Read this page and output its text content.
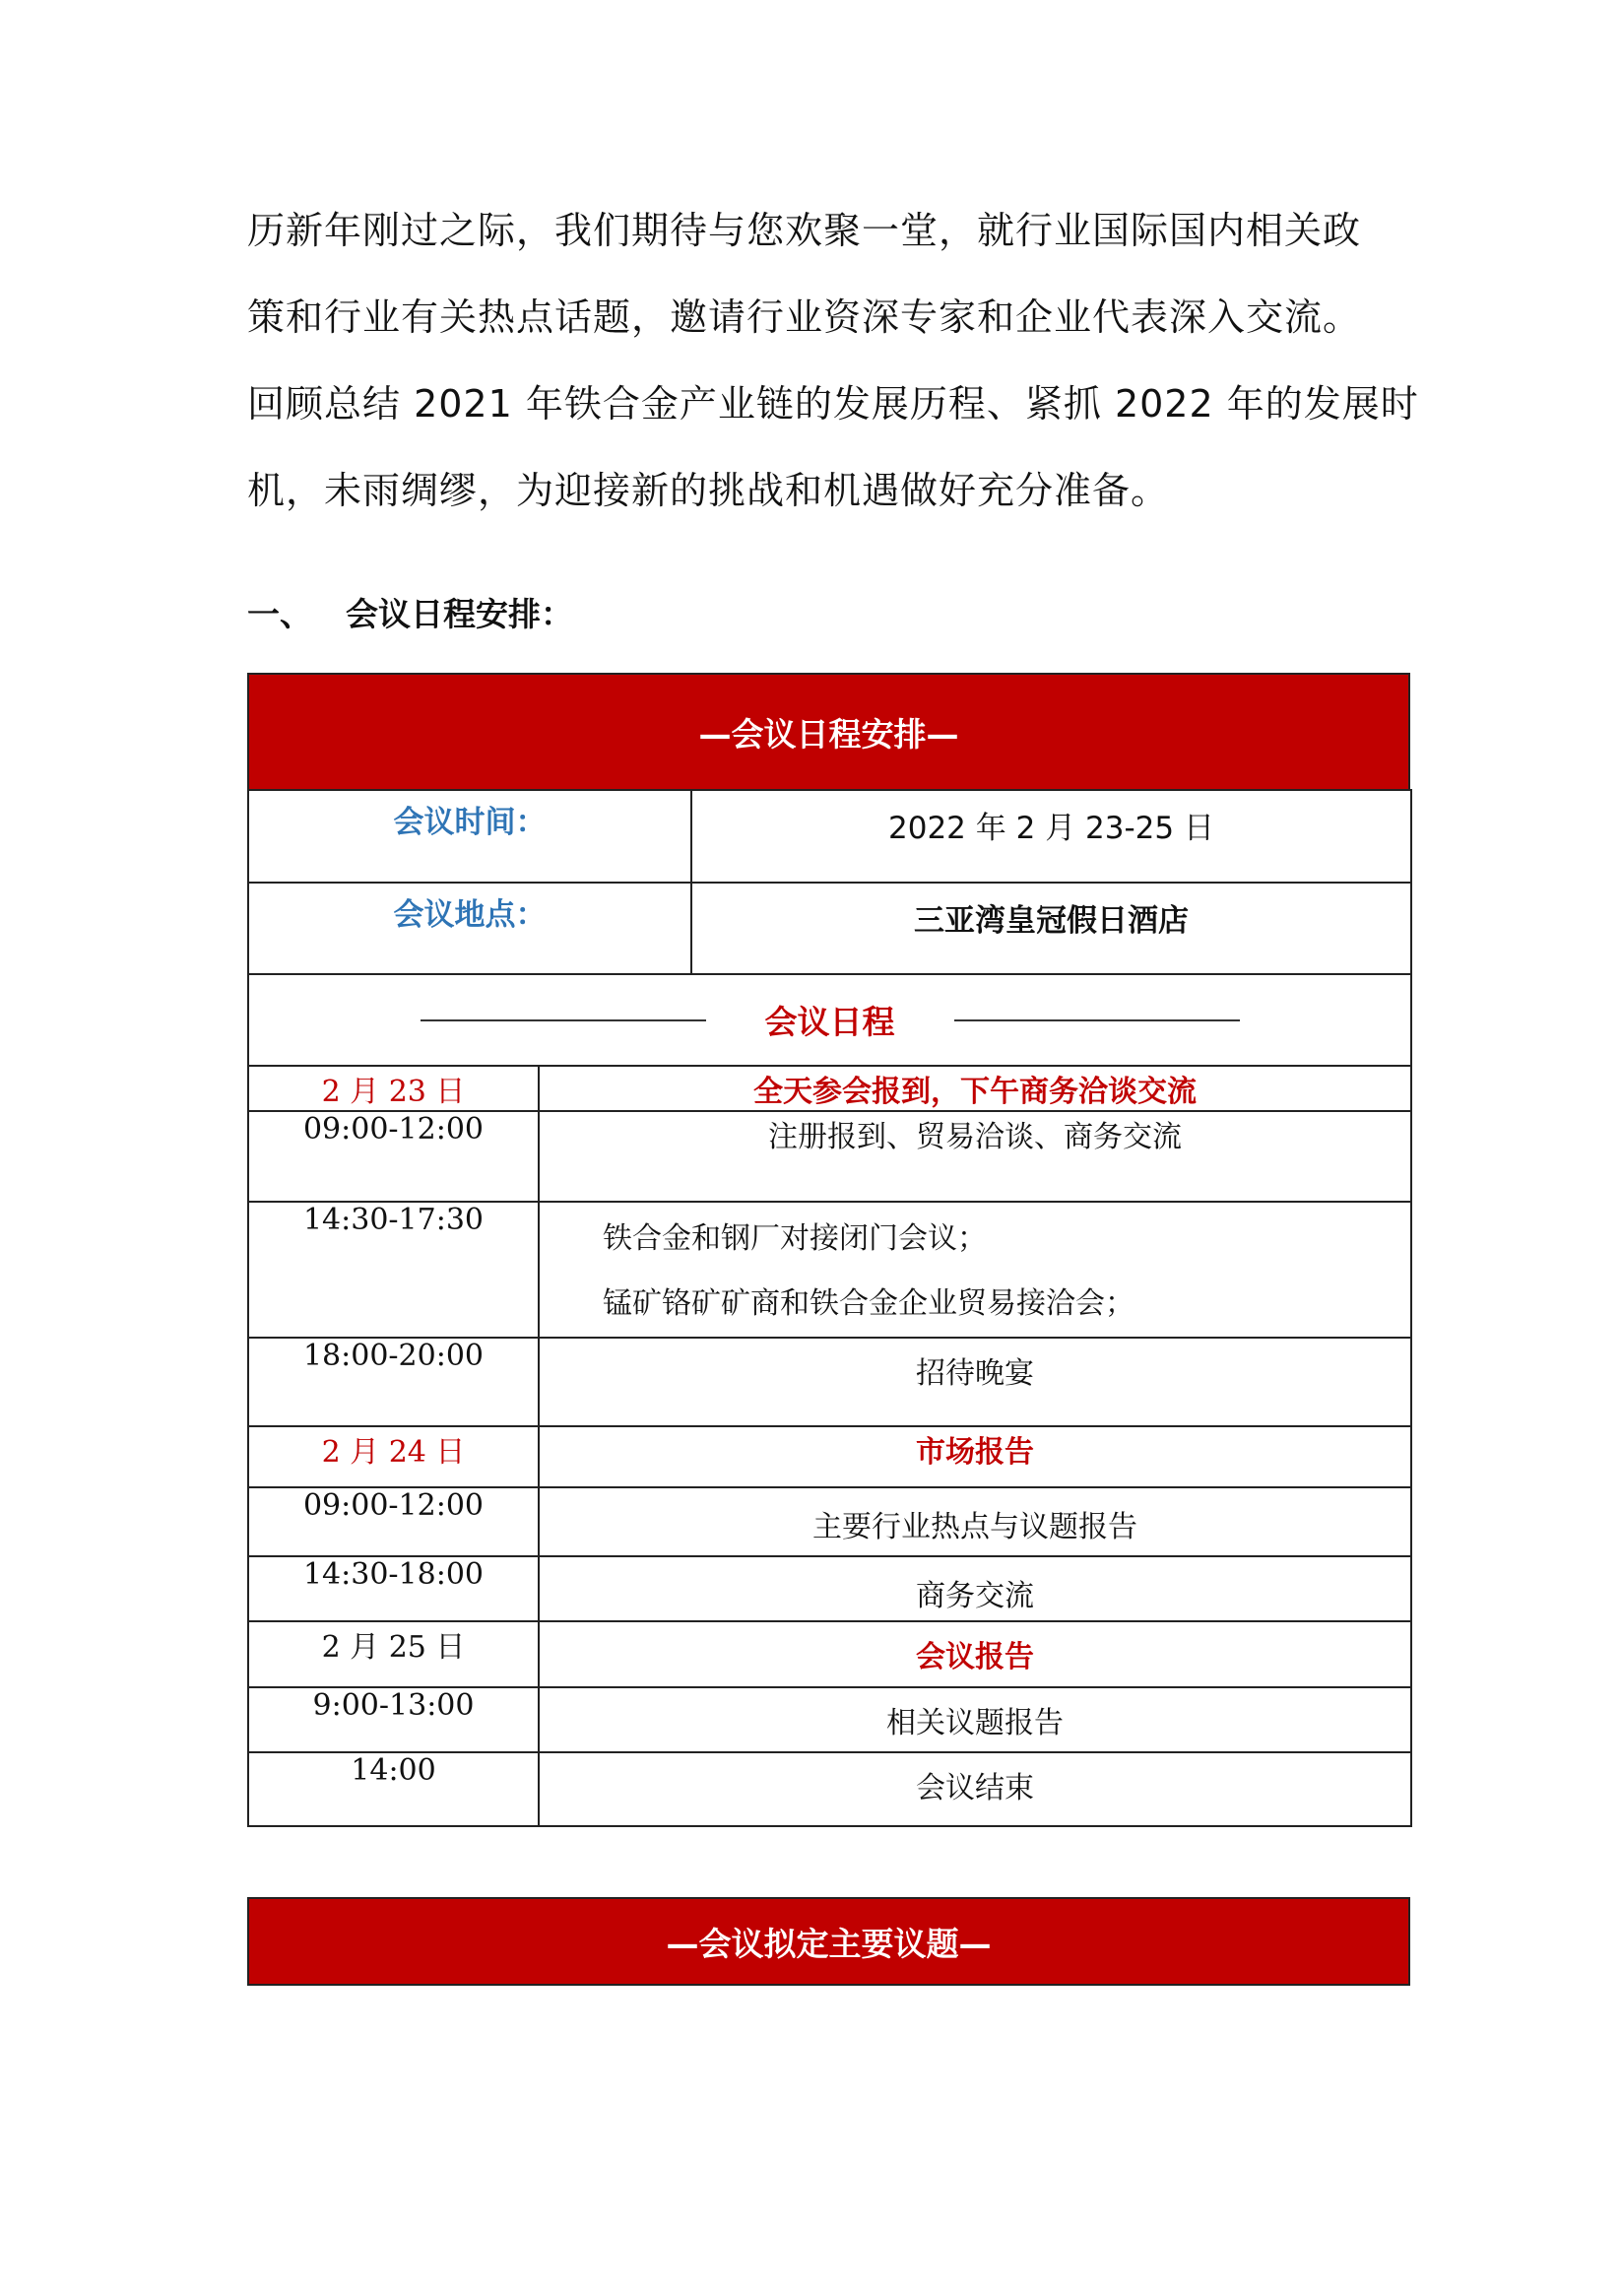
历新年刚过之际，我们期待与您欢聚一堂，就行业国际国内相关政

策和行业有关热点话题，邀请行业资深专家和企业代表深入交流。

回顾总结 2021 年铁合金产业链的发展历程、紧抓 2022 年的发展时

机，未雨绸缪，为迎接新的挑战和机遇做好充分准备。

一、	会议日程安排：
—会议日程安排—
会议时间：		2022 年 2 月 23-25 日
会议地点：		三亚湾皇冠假日酒店

会议日程		

2 月 23 日	全天参会报到，下午商务洽谈交流	
09:00-12:00	注册报到、贸易洽谈、商务交流	
14:30-17:30	铁合金和钢厂对接闭门会议；
锰矿铬矿矿商和铁合金企业贸易接洽会；	

18:00-20:00	招待晚宴	
2 月 24 日	市场报告	
09:00-12:00	主要行业热点与议题报告	
14:30-18:00	商务交流	
2 月 25 日	会议报告	
9:00-13:00	相关议题报告	
14:00	会议结束	
—会议拟定主要议题—
